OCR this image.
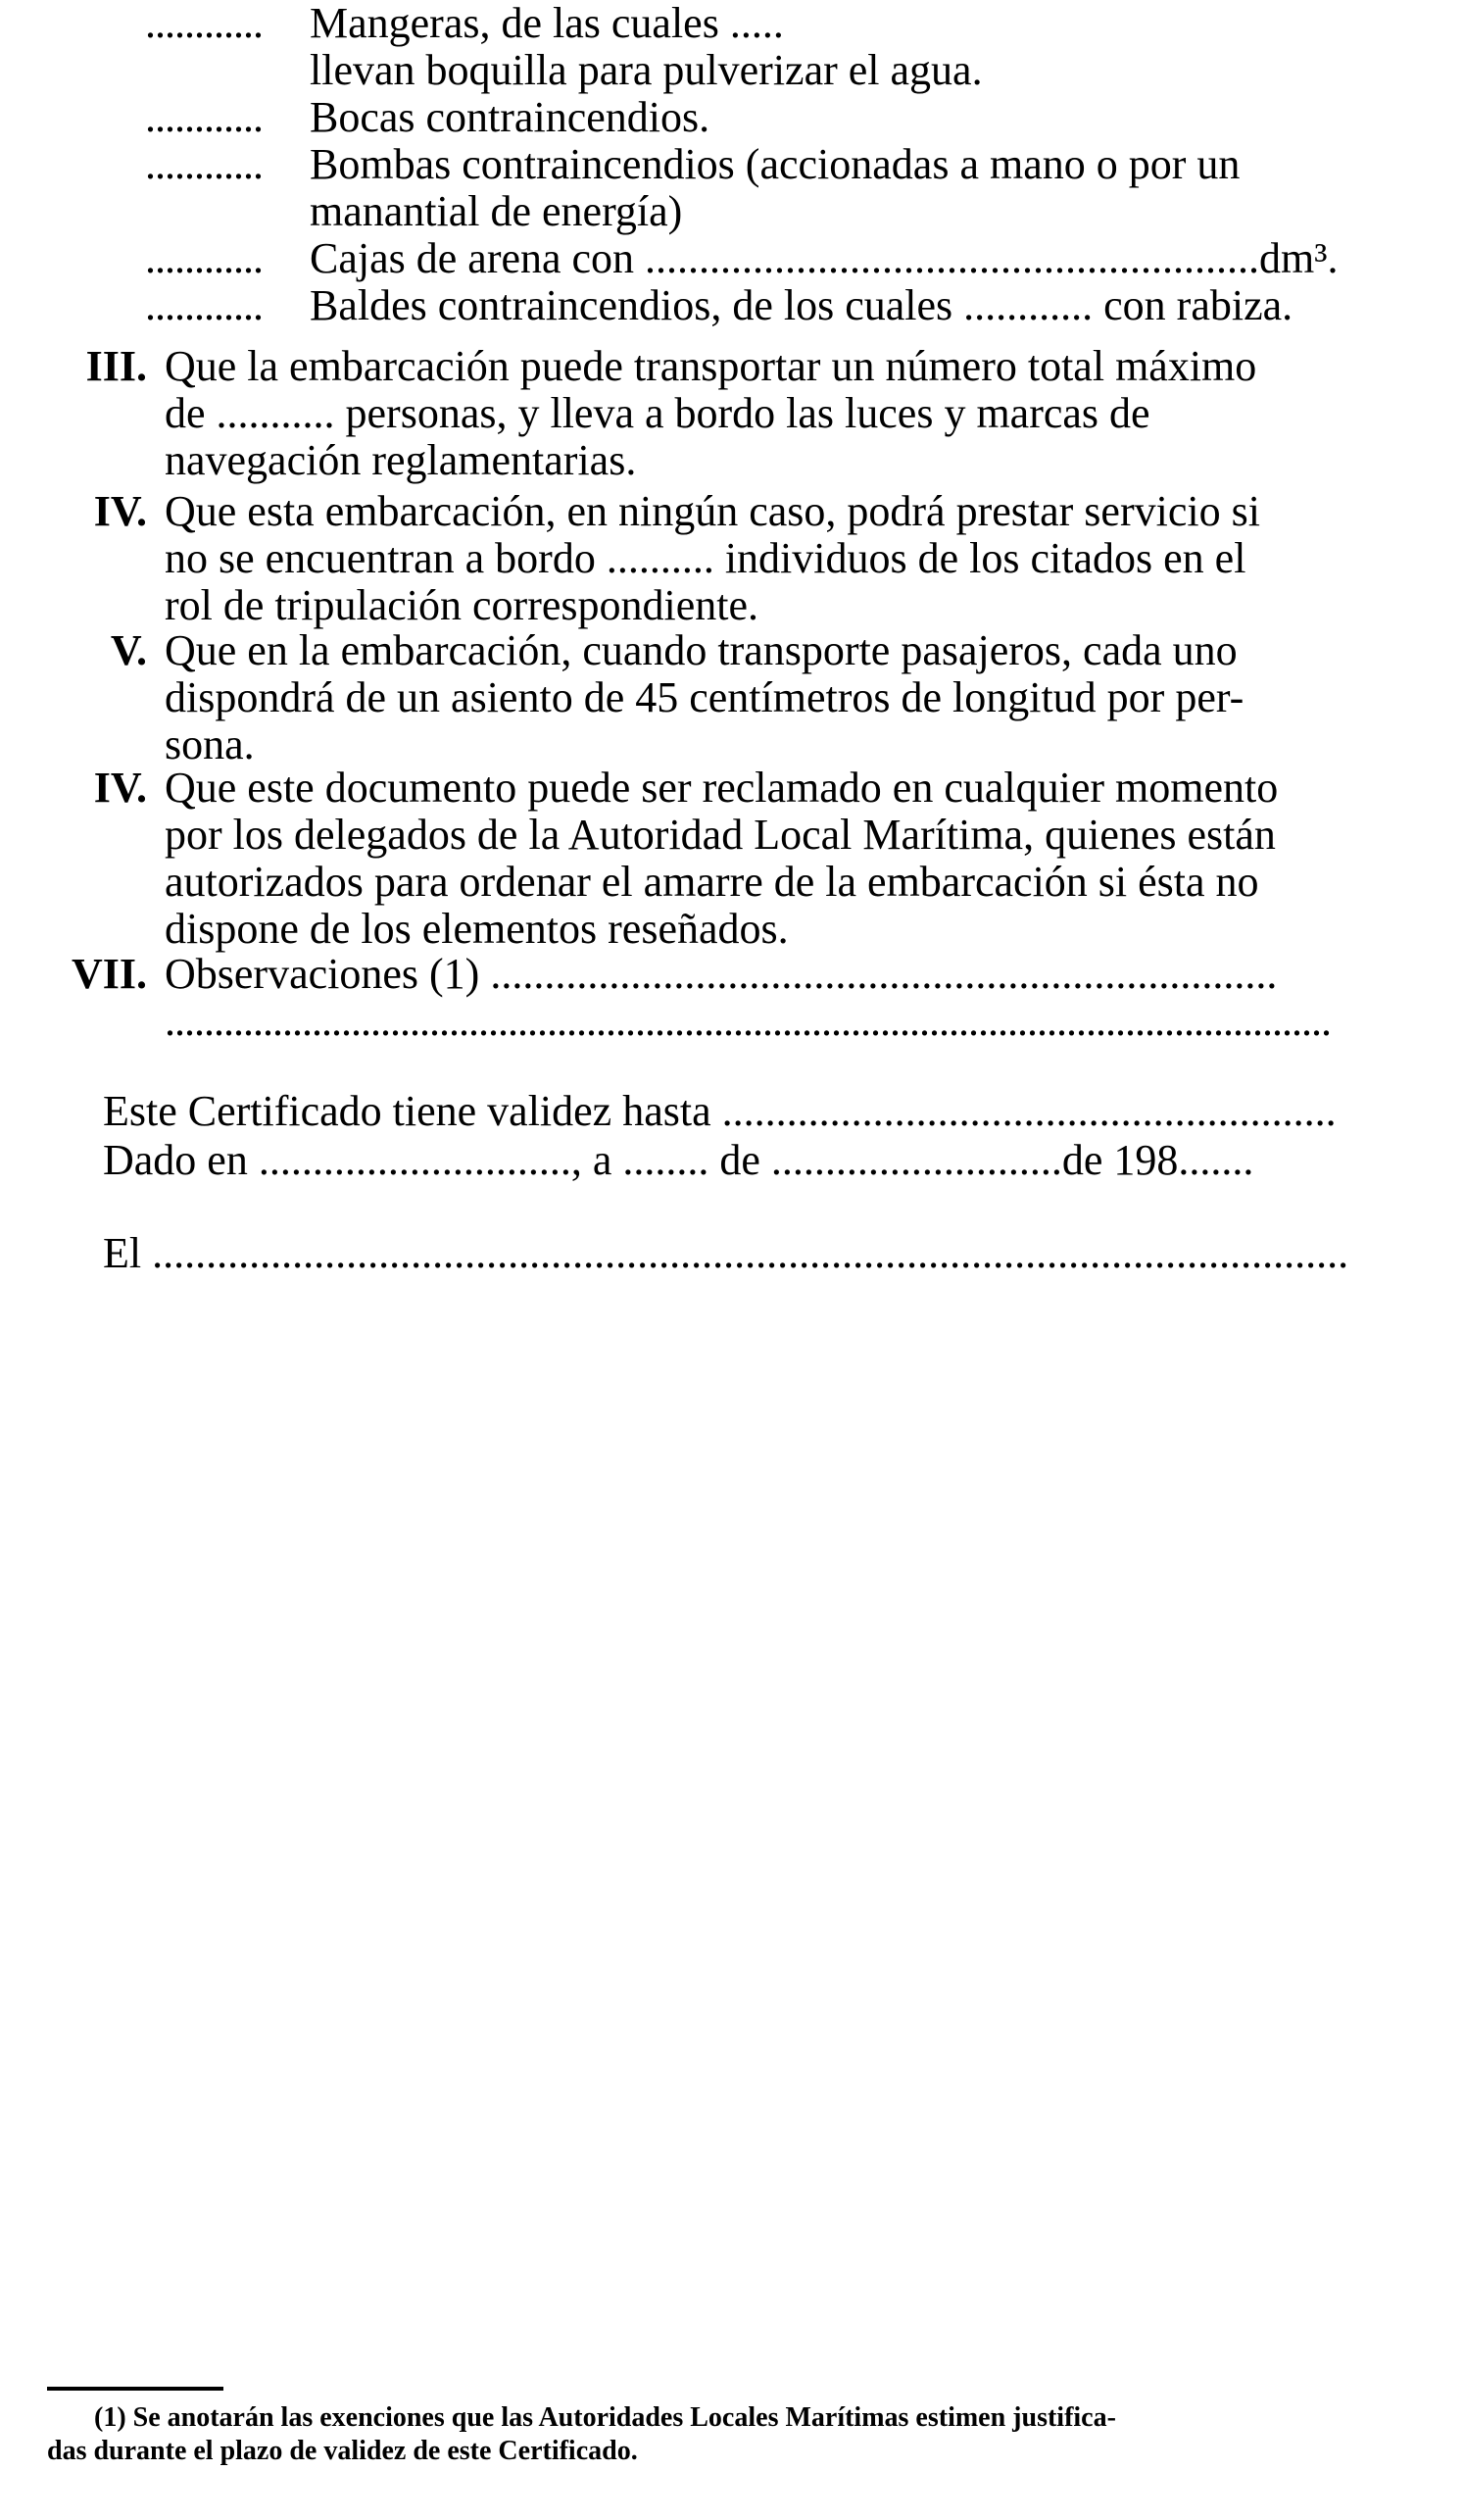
............ Mangeras, de las cuales .....
llevan boquilla para pulverizar el agua.
............ Bocas contraincendios.
............ Bombas contraincendios (accionadas a mano o por un
manantial de energía)
............ Cajas de arena con .........................................................dm³.
............ Baldes contraincendios, de los cuales ............ con rabiza.
III. Que la embarcación puede transportar un número total máximo

de ........... personas, y lleva a bordo las luces y marcas de

navegación reglamentarias.

IV. Que esta embarcación, en ningún caso, podrá prestar servicio si

no se encuentran a bordo .......... individuos de los citados en el

rol de tripulación correspondiente.

V. Que en la embarcación, cuando transporte pasajeros, cada uno

dispondrá de un asiento de 45 centímetros de longitud por per-

sona.

IV. Que este documento puede ser reclamado en cualquier momento

por los delegados de la Autoridad Local Marítima, quienes están

autorizados para ordenar el amarre de la embarcación si ésta no

dispone de los elementos reseñados.

VII. Observaciones (1) .........................................................................

.......................................................................................................................

Este Certificado tiene validez hasta .........................................................
Dado en ............................., a ........ de ...........................de 198.......
El ...............................................................................................................
(1) Se anotarán las exenciones que las Autoridades Locales Marítimas estimen justifica-
das durante el plazo de validez de este Certificado.
